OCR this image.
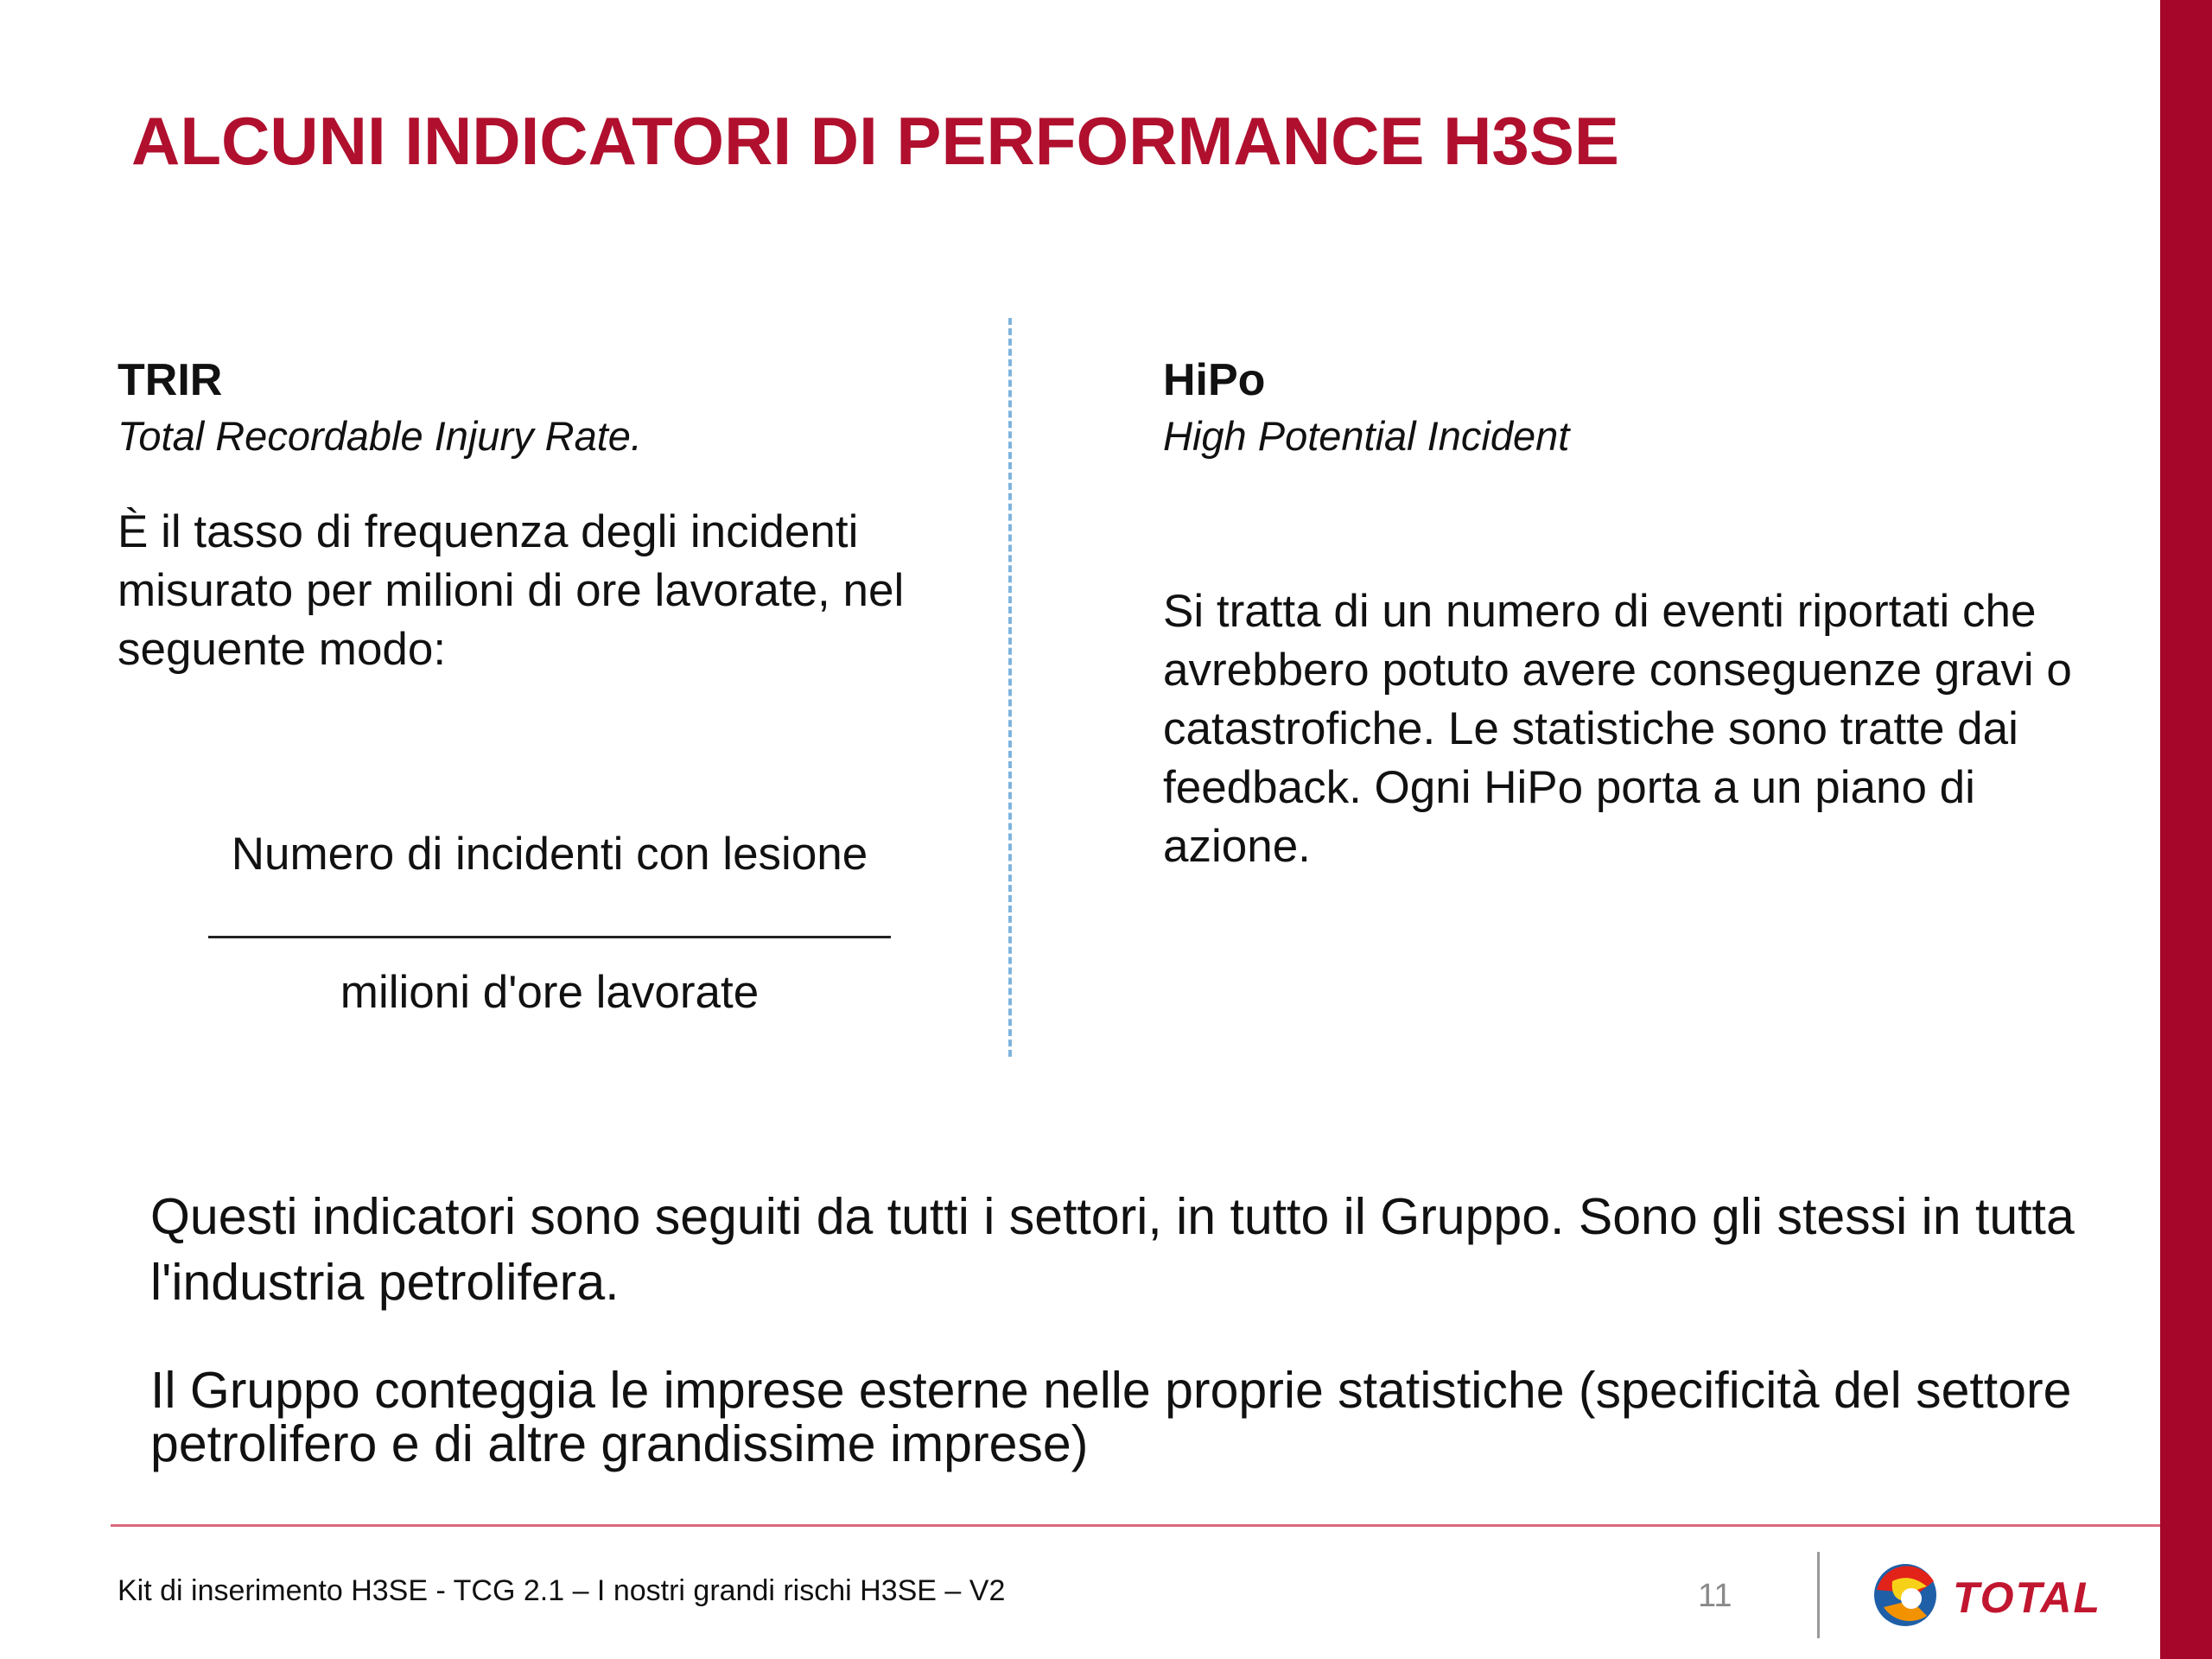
ALCUNI INDICATORI DI PERFORMANCE H3SE
TRIR
Total Recordable Injury Rate.
È il tasso di frequenza degli incidenti misurato per milioni di ore lavorate, nel seguente modo:
Numero di incidenti con lesione
milioni d'ore lavorate
HiPo
High Potential Incident
Si tratta di un numero di eventi riportati che avrebbero potuto avere conseguenze gravi o catastrofiche. Le statistiche sono tratte dai feedback. Ogni HiPo porta a un piano di azione.

Questi indicatori sono seguiti da tutti i settori, in tutto il Gruppo. Sono gli stessi in tutta l'industria petrolifera.

Il Gruppo conteggia le imprese esterne nelle proprie statistiche (specificità del settore petrolifero e di altre grandissime imprese)

Kit di inserimento H3SE - TCG 2.1 – I nostri grandi rischi H3SE – V2	11	TOTAL
